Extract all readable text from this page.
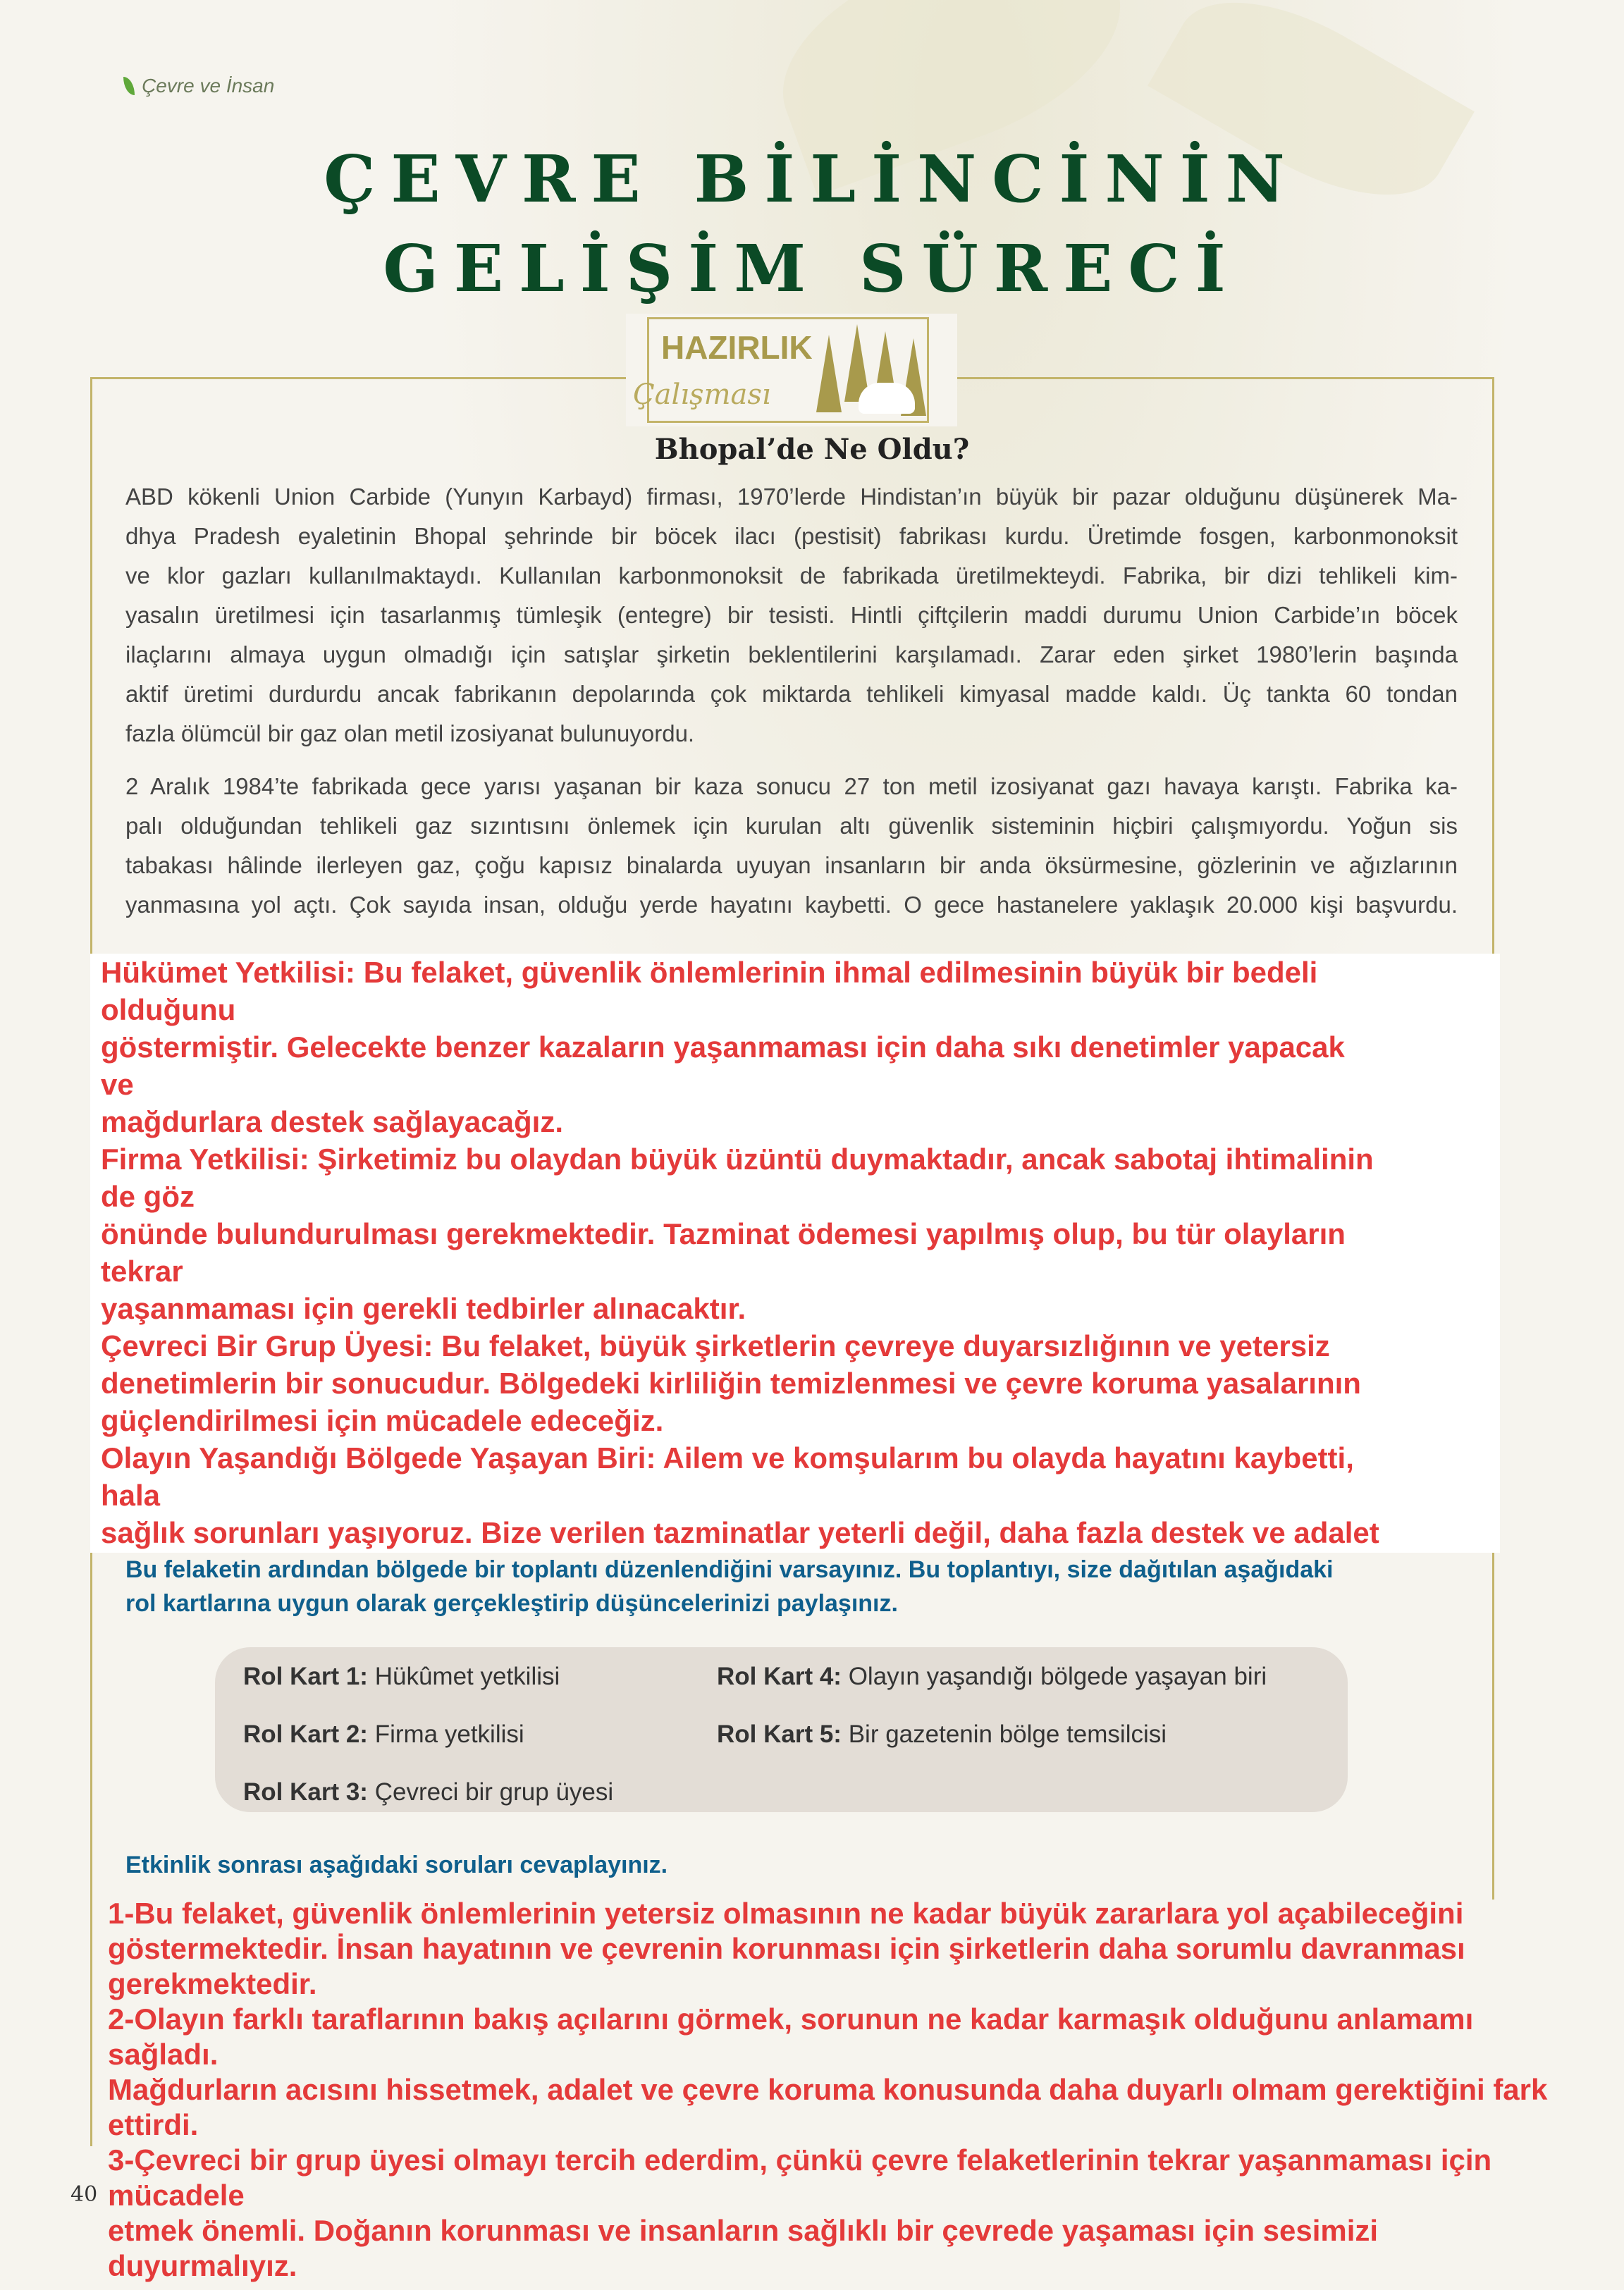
Çevre ve İnsan
ÇEVRE BİLİNCİNİN
GELİŞİM SÜRECİ
HAZIRLIK
Çalışması
Bhopal’de Ne Oldu?
ABD kökenli Union Carbide (Yunyın Karbayd) firması, 1970’lerde Hindistan’ın büyük bir pazar olduğunu düşünerek Ma-
dhya Pradesh eyaletinin Bhopal şehrinde bir böcek ilacı (pestisit) fabrikası kurdu. Üretimde fosgen, karbonmonoksit
ve klor gazları kullanılmaktaydı. Kullanılan karbonmonoksit de fabrikada üretilmekteydi. Fabrika, bir dizi tehlikeli kim-
yasalın üretilmesi için tasarlanmış tümleşik (entegre) bir tesisti. Hintli çiftçilerin maddi durumu Union Carbide’ın böcek
ilaçlarını almaya uygun olmadığı için satışlar şirketin beklentilerini karşılamadı. Zarar eden şirket 1980’lerin başında
aktif üretimi durdurdu ancak fabrikanın depolarında çok miktarda tehlikeli kimyasal madde kaldı. Üç tankta 60 tondan
fazla ölümcül bir gaz olan metil izosiyanat bulunuyordu.
2 Aralık 1984’te fabrikada gece yarısı yaşanan bir kaza sonucu 27 ton metil izosiyanat gazı havaya karıştı. Fabrika ka-
palı olduğundan tehlikeli gaz sızıntısını önlemek için kurulan altı güvenlik sisteminin hiçbiri çalışmıyordu. Yoğun sis
tabakası hâlinde ilerleyen gaz, çoğu kapısız binalarda uyuyan insanların bir anda öksürmesine, gözlerinin ve ağızlarının
yanmasına yol açtı. Çok sayıda insan, olduğu yerde hayatını kaybetti. O gece hastanelere yaklaşık 20.000 kişi başvurdu.
Hükümet Yetkilisi: Bu felaket, güvenlik önlemlerinin ihmal edilmesinin büyük bir bedeli
olduğunu
göstermiştir. Gelecekte benzer kazaların yaşanmaması için daha sıkı denetimler yapacak
ve
mağdurlara destek sağlayacağız.
Firma Yetkilisi: Şirketimiz bu olaydan büyük üzüntü duymaktadır, ancak sabotaj ihtimalinin
de göz
önünde bulundurulması gerekmektedir. Tazminat ödemesi yapılmış olup, bu tür olayların
tekrar
yaşanmaması için gerekli tedbirler alınacaktır.
Çevreci Bir Grup Üyesi: Bu felaket, büyük şirketlerin çevreye duyarsızlığının ve yetersiz
denetimlerin bir sonucudur. Bölgedeki kirliliğin temizlenmesi ve çevre koruma yasalarının
güçlendirilmesi için mücadele edeceğiz.
Olayın Yaşandığı Bölgede Yaşayan Biri: Ailem ve komşularım bu olayda hayatını kaybetti,
hala
sağlık sorunları yaşıyoruz. Bize verilen tazminatlar yeterli değil, daha fazla destek ve adalet
Bu felaketin ardından bölgede bir toplantı düzenlendiğini varsayınız. Bu toplantıyı, size dağıtılan aşağıdaki
rol kartlarına uygun olarak gerçekleştirip düşüncelerinizi paylaşınız.
Rol Kart 1: Hükûmet yetkilisi
Rol Kart 2: Firma yetkilisi
Rol Kart 3: Çevreci bir grup üyesi
Rol Kart 4: Olayın yaşandığı bölgede yaşayan biri
Rol Kart 5: Bir gazetenin bölge temsilcisi
Etkinlik sonrası aşağıdaki soruları cevaplayınız.
1-Bu felaket, güvenlik önlemlerinin yetersiz olmasının ne kadar büyük zararlara yol açabileceğini
göstermektedir. İnsan hayatının ve çevrenin korunması için şirketlerin daha sorumlu davranması
gerekmektedir.
2-Olayın farklı taraflarının bakış açılarını görmek, sorunun ne kadar karmaşık olduğunu anlamamı
sağladı.
Mağdurların acısını hissetmek, adalet ve çevre koruma konusunda daha duyarlı olmam gerektiğini fark
ettirdi.
3-Çevreci bir grup üyesi olmayı tercih ederdim, çünkü çevre felaketlerinin tekrar yaşanmaması için
mücadele
etmek önemli. Doğanın korunması ve insanların sağlıklı bir çevrede yaşaması için sesimizi
duyurmalıyız.
40
